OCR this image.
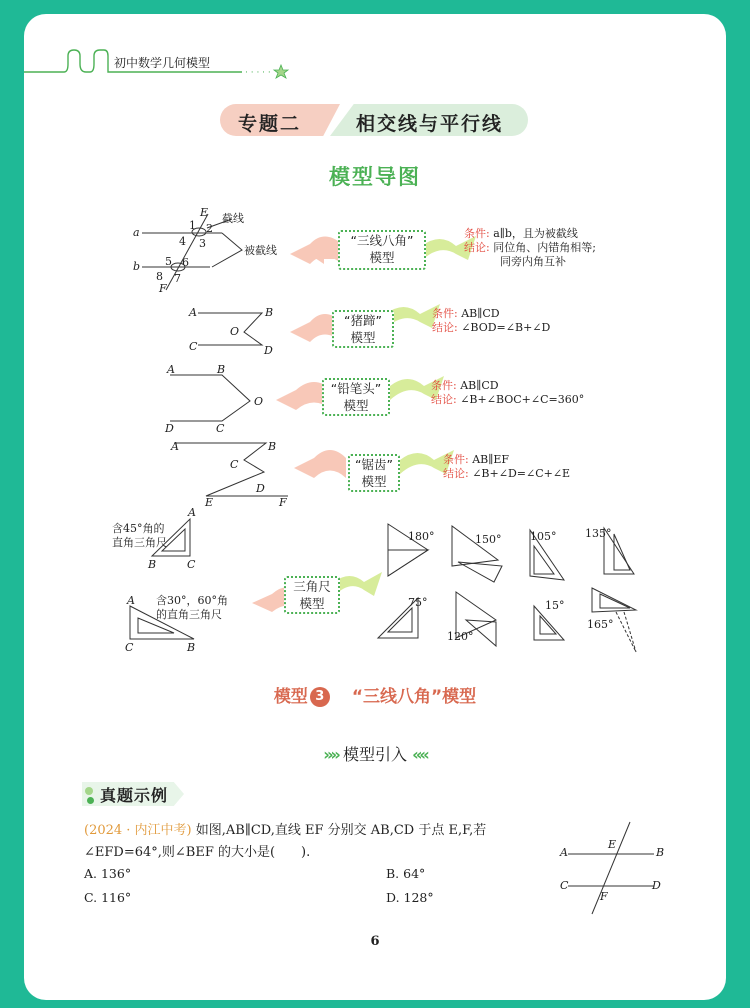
· · · · ·
初中数学几何模型
专题二	相交线与平行线
模型导图
a
b
E
F
1 2
3
4
5 6
7
8
截线
被截线
“三线八角”
模型
条件: a∥b，且为被截线
结论: 同位角、内错角相等;
同旁内角互补
A	B
O
C	D
“猪蹄”
模型
条件: AB∥CD
结论: ∠BOD=∠B+∠D
A	B
O
D	C
“铅笔头”
模型
条件: AB∥CD
结论: ∠B+∠BOC+∠C=360°
A	B
C
D
E	F
“锯齿”
模型
条件: AB∥EF
结论: ∠B+∠D=∠C+∠E
含45°角的
直角三角尺
A
B	C
含30°，60°角
的直角三角尺
A
C	B
三角尺
模型
180°	150°	105°	135°
75°
120°
15°
165°
模型 3 “三线八角”模型
»» 模型引入 ««
真题示例
(2024 · 内江中考) 如图,AB∥CD,直线 EF 分别交 AB,CD 于点 E,F,若∠EFD=64°,则∠BEF 的大小是(　　).
A. 136°	B. 64°
C. 116°	D. 128°
A	B
E
C	D
F
6
